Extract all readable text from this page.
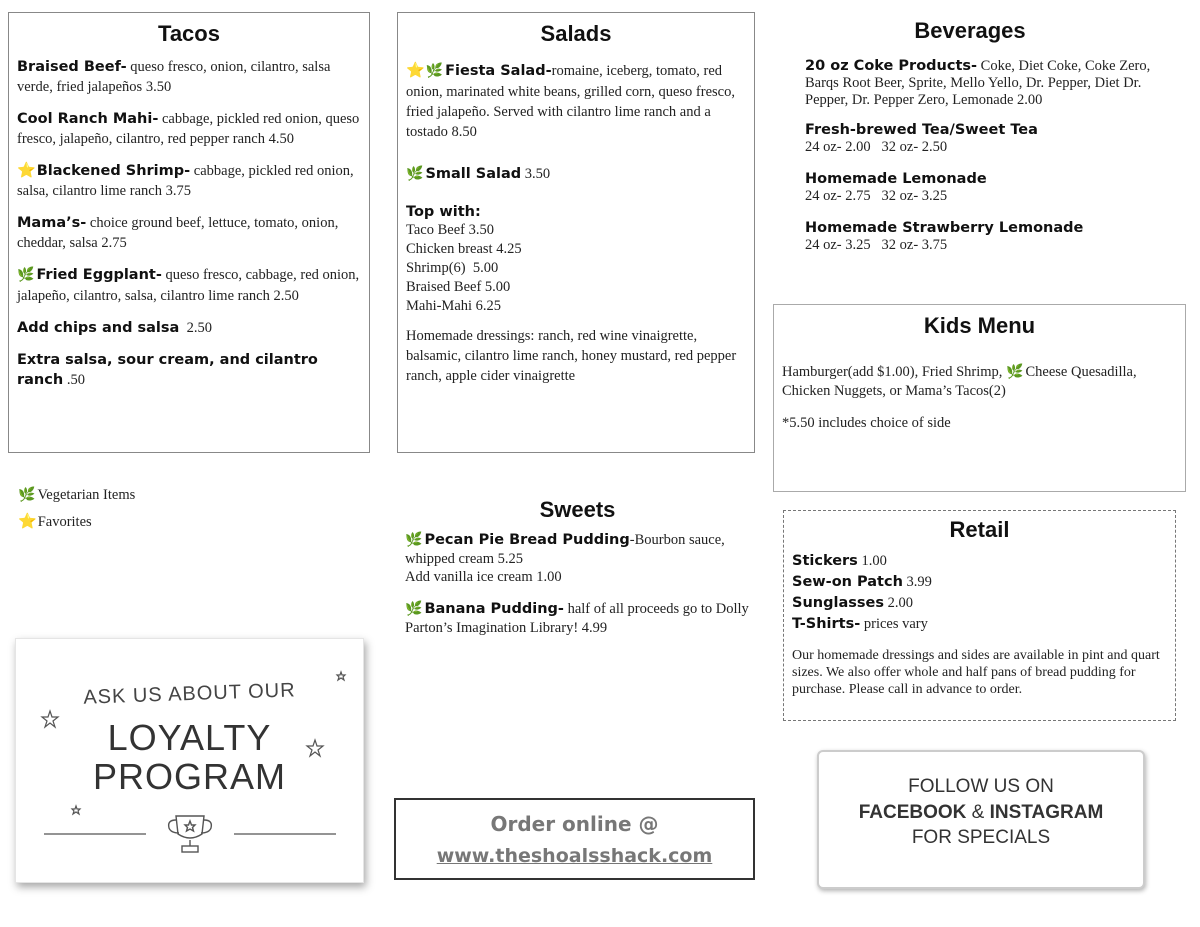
Tacos
Braised Beef- queso fresco, onion, cilantro, salsa verde, fried jalapeños 3.50
Cool Ranch Mahi- cabbage, pickled red onion, queso fresco, jalapeño, cilantro, red pepper ranch 4.50
⭐Blackened Shrimp- cabbage, pickled red onion, salsa, cilantro lime ranch 3.75
Mama’s- choice ground beef, lettuce, tomato, onion, cheddar, salsa 2.75
🌿 Fried Eggplant- queso fresco, cabbage, red onion, jalapeño, cilantro, salsa, cilantro lime ranch 2.50
Add chips and salsa 2.50
Extra salsa, sour cream, and cilantro ranch .50
🌿 Vegetarian Items
⭐Favorites
ASK US ABOUT OUR
LOYALTY
PROGRAM
Salads
⭐🌿 Fiesta Salad-romaine, iceberg, tomato, red onion, marinated white beans, grilled corn, queso fresco, fried jalapeño. Served with cilantro lime ranch and a tostado 8.50
🌿 Small Salad 3.50
Top with:
Taco Beef 3.50
Chicken breast 4.25
Shrimp(6)  5.00
Braised Beef 5.00
Mahi-Mahi 6.25
Homemade dressings: ranch, red wine vinaigrette, balsamic, cilantro lime ranch, honey mustard, red pepper ranch, apple cider vinaigrette
Sweets
🌿 Pecan Pie Bread Pudding-Bourbon sauce, whipped cream 5.25
Add vanilla ice cream 1.00
🌿 Banana Pudding- half of all proceeds go to Dolly Parton’s Imagination Library! 4.99
Order online @
www.theshoalsshack.com
Beverages
20 oz Coke Products- Coke, Diet Coke, Coke Zero, Barqs Root Beer, Sprite, Mello Yello, Dr. Pepper, Diet Dr. Pepper, Dr. Pepper Zero, Lemonade 2.00
Fresh-brewed Tea/Sweet Tea
24 oz- 2.00   32 oz- 2.50
Homemade Lemonade
24 oz- 2.75   32 oz- 3.25
Homemade Strawberry Lemonade
24 oz- 3.25   32 oz- 3.75
Kids Menu
Hamburger(add $1.00), Fried Shrimp, 🌿 Cheese Quesadilla, Chicken Nuggets, or Mama’s Tacos(2)
*5.50 includes choice of side
Retail
Stickers 1.00
Sew-on Patch 3.99
Sunglasses 2.00
T-Shirts- prices vary
Our homemade dressings and sides are available in pint and quart sizes. We also offer whole and half pans of bread pudding for purchase. Please call in advance to order.
FOLLOW US ON
FACEBOOK & INSTAGRAM
FOR SPECIALS
